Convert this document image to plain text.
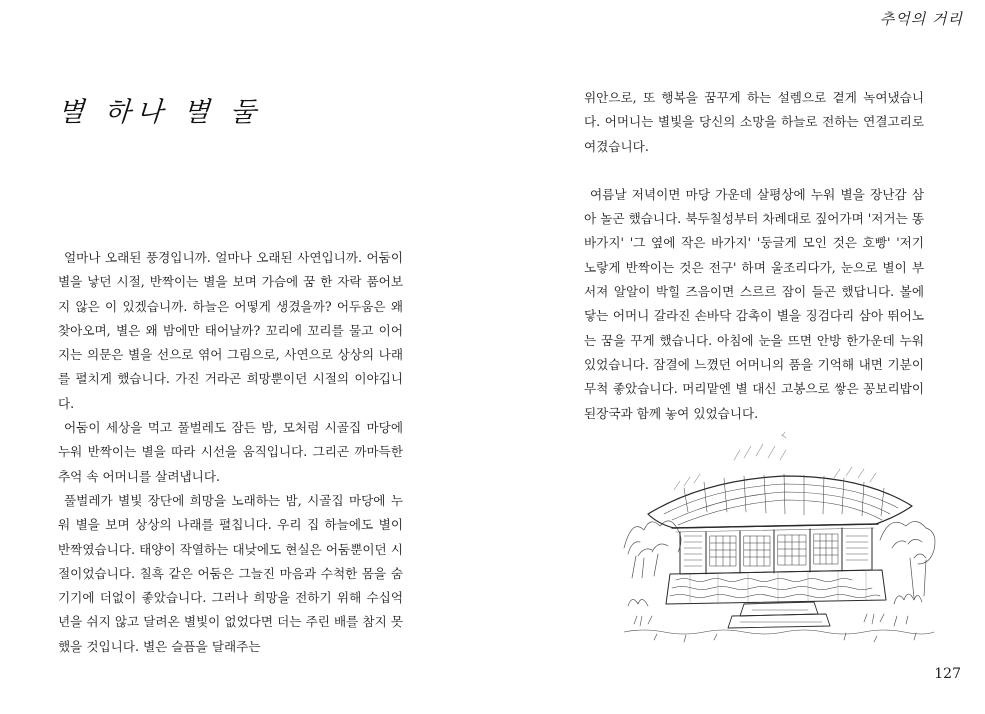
추억의 거리
별 하나 별 둘

얼마나 오래된 풍경입니까. 얼마나 오래된 사연입니까. 어둠이 별을 낳던 시절, 반짝이는 별을 보며 가슴에 꿈 한 자락 품어보지 않은 이 있겠습니까. 하늘은 어떻게 생겼을까? 어두움은 왜 찾아오며, 별은 왜 밤에만 태어날까? 꼬리에 꼬리를 물고 이어지는 의문은 별을 선으로 엮어 그림으로, 사연으로 상상의 나래를 펼치게 했습니다. 가진 거라곤 희망뿐이던 시절의 이야깁니다.

어둠이 세상을 먹고 풀벌레도 잠든 밤, 모처럼 시골집 마당에 누워 반짝이는 별을 따라 시선을 움직입니다. 그리곤 까마득한 추억 속 어머니를 살려냅니다.

풀벌레가 별빛 장단에 희망을 노래하는 밤, 시골집 마당에 누워 별을 보며 상상의 나래를 펼칩니다. 우리 집 하늘에도 별이 반짝였습니다. 태양이 작열하는 대낮에도 현실은 어둠뿐이던 시절이었습니다. 칠흑 같은 어둠은 그늘진 마음과 수척한 몸을 숨기기에 더없이 좋았습니다. 그러나 희망을 전하기 위해 수십억 년을 쉬지 않고 달려온 별빛이 없었다면 더는 주린 배를 참지 못했을 것입니다. 별은 슬픔을 달래주는

위안으로, 또 행복을 꿈꾸게 하는 설렘으로 곁게 녹여냈습니다. 어머니는 별빛을 당신의 소망을 하늘로 전하는 연결고리로 여겼습니다.

여름날 저녁이면 마당 가운데 살평상에 누워 별을 장난감 삼아 놀곤 했습니다. 북두칠성부터 차례대로 짚어가며 '저거는 똥바가지' '그 옆에 작은 바가지' '둥글게 모인 것은 호빵' '저기 노랗게 반짝이는 것은 전구' 하며 울조리다가, 눈으로 별이 부서져 알알이 박힐 즈음이면 스르르 잠이 들곤 했답니다. 볼에 닿는 어머니 갈라진 손바닥 감촉이 별을 징검다리 삼아 뛰어노는 꿈을 꾸게 했습니다. 아침에 눈을 뜨면 안방 한가운데 누워있었습니다. 잠결에 느꼈던 어머니의 품을 기억해 내면 기분이 무척 좋았습니다. 머리맡엔 별 대신 고봉으로 쌓은 꽁보리밥이 된장국과 함께 놓여 있었습니다.

127
